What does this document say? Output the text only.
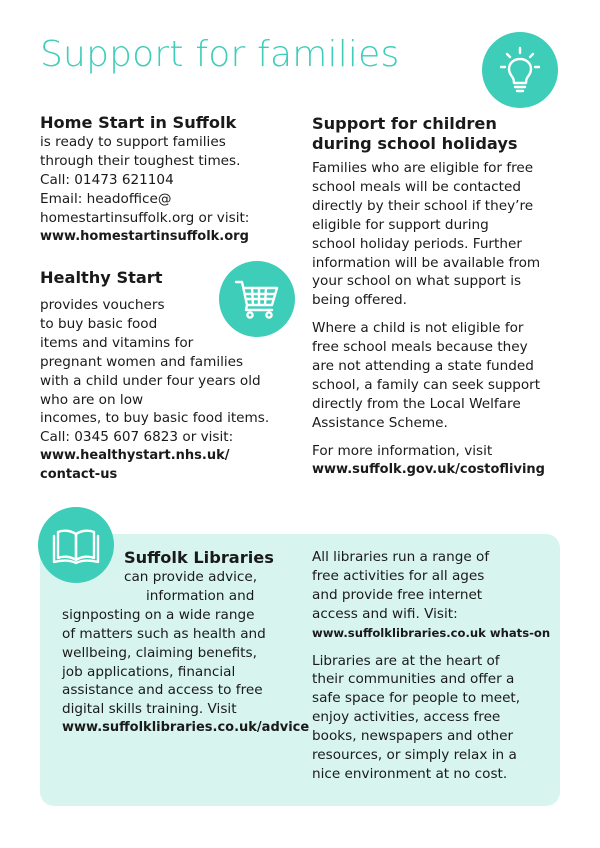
Support for families
Home Start in Suffolk
is ready to support families
through their toughest times.
Call: 01473 621104
Email: headoffice@
homestartinsuffolk.org or visit:
www.homestartinsuffolk.org
Healthy Start
provides vouchers
to buy basic food
items and vitamins for
pregnant women and families
with a child under four years old
who are on low
incomes, to buy basic food items.
Call: 0345 607 6823 or visit:
www.healthystart.nhs.uk/
contact-us
Support for children
during school holidays
Families who are eligible for free
school meals will be contacted
directly by their school if they’re
eligible for support during
school holiday periods. Further
information will be available from
your school on what support is
being offered.
Where a child is not eligible for
free school meals because they
are not attending a state funded
school, a family can seek support
directly from the Local Welfare
Assistance Scheme.
For more information, visit
www.suffolk.gov.uk/costofliving
Suffolk Libraries
can provide advice,
information and
signposting on a wide range
of matters such as health and
wellbeing, claiming benefits,
job applications, financial
assistance and access to free
digital skills training. Visit
www.suffolklibraries.co.uk/advice
All libraries run a range of
free activities for all ages
and provide free internet
access and wifi. Visit:
www.suffolklibraries.co.uk whats-on
Libraries are at the heart of
their communities and offer a
safe space for people to meet,
enjoy activities, access free
books, newspapers and other
resources, or simply relax in a
nice environment at no cost.
